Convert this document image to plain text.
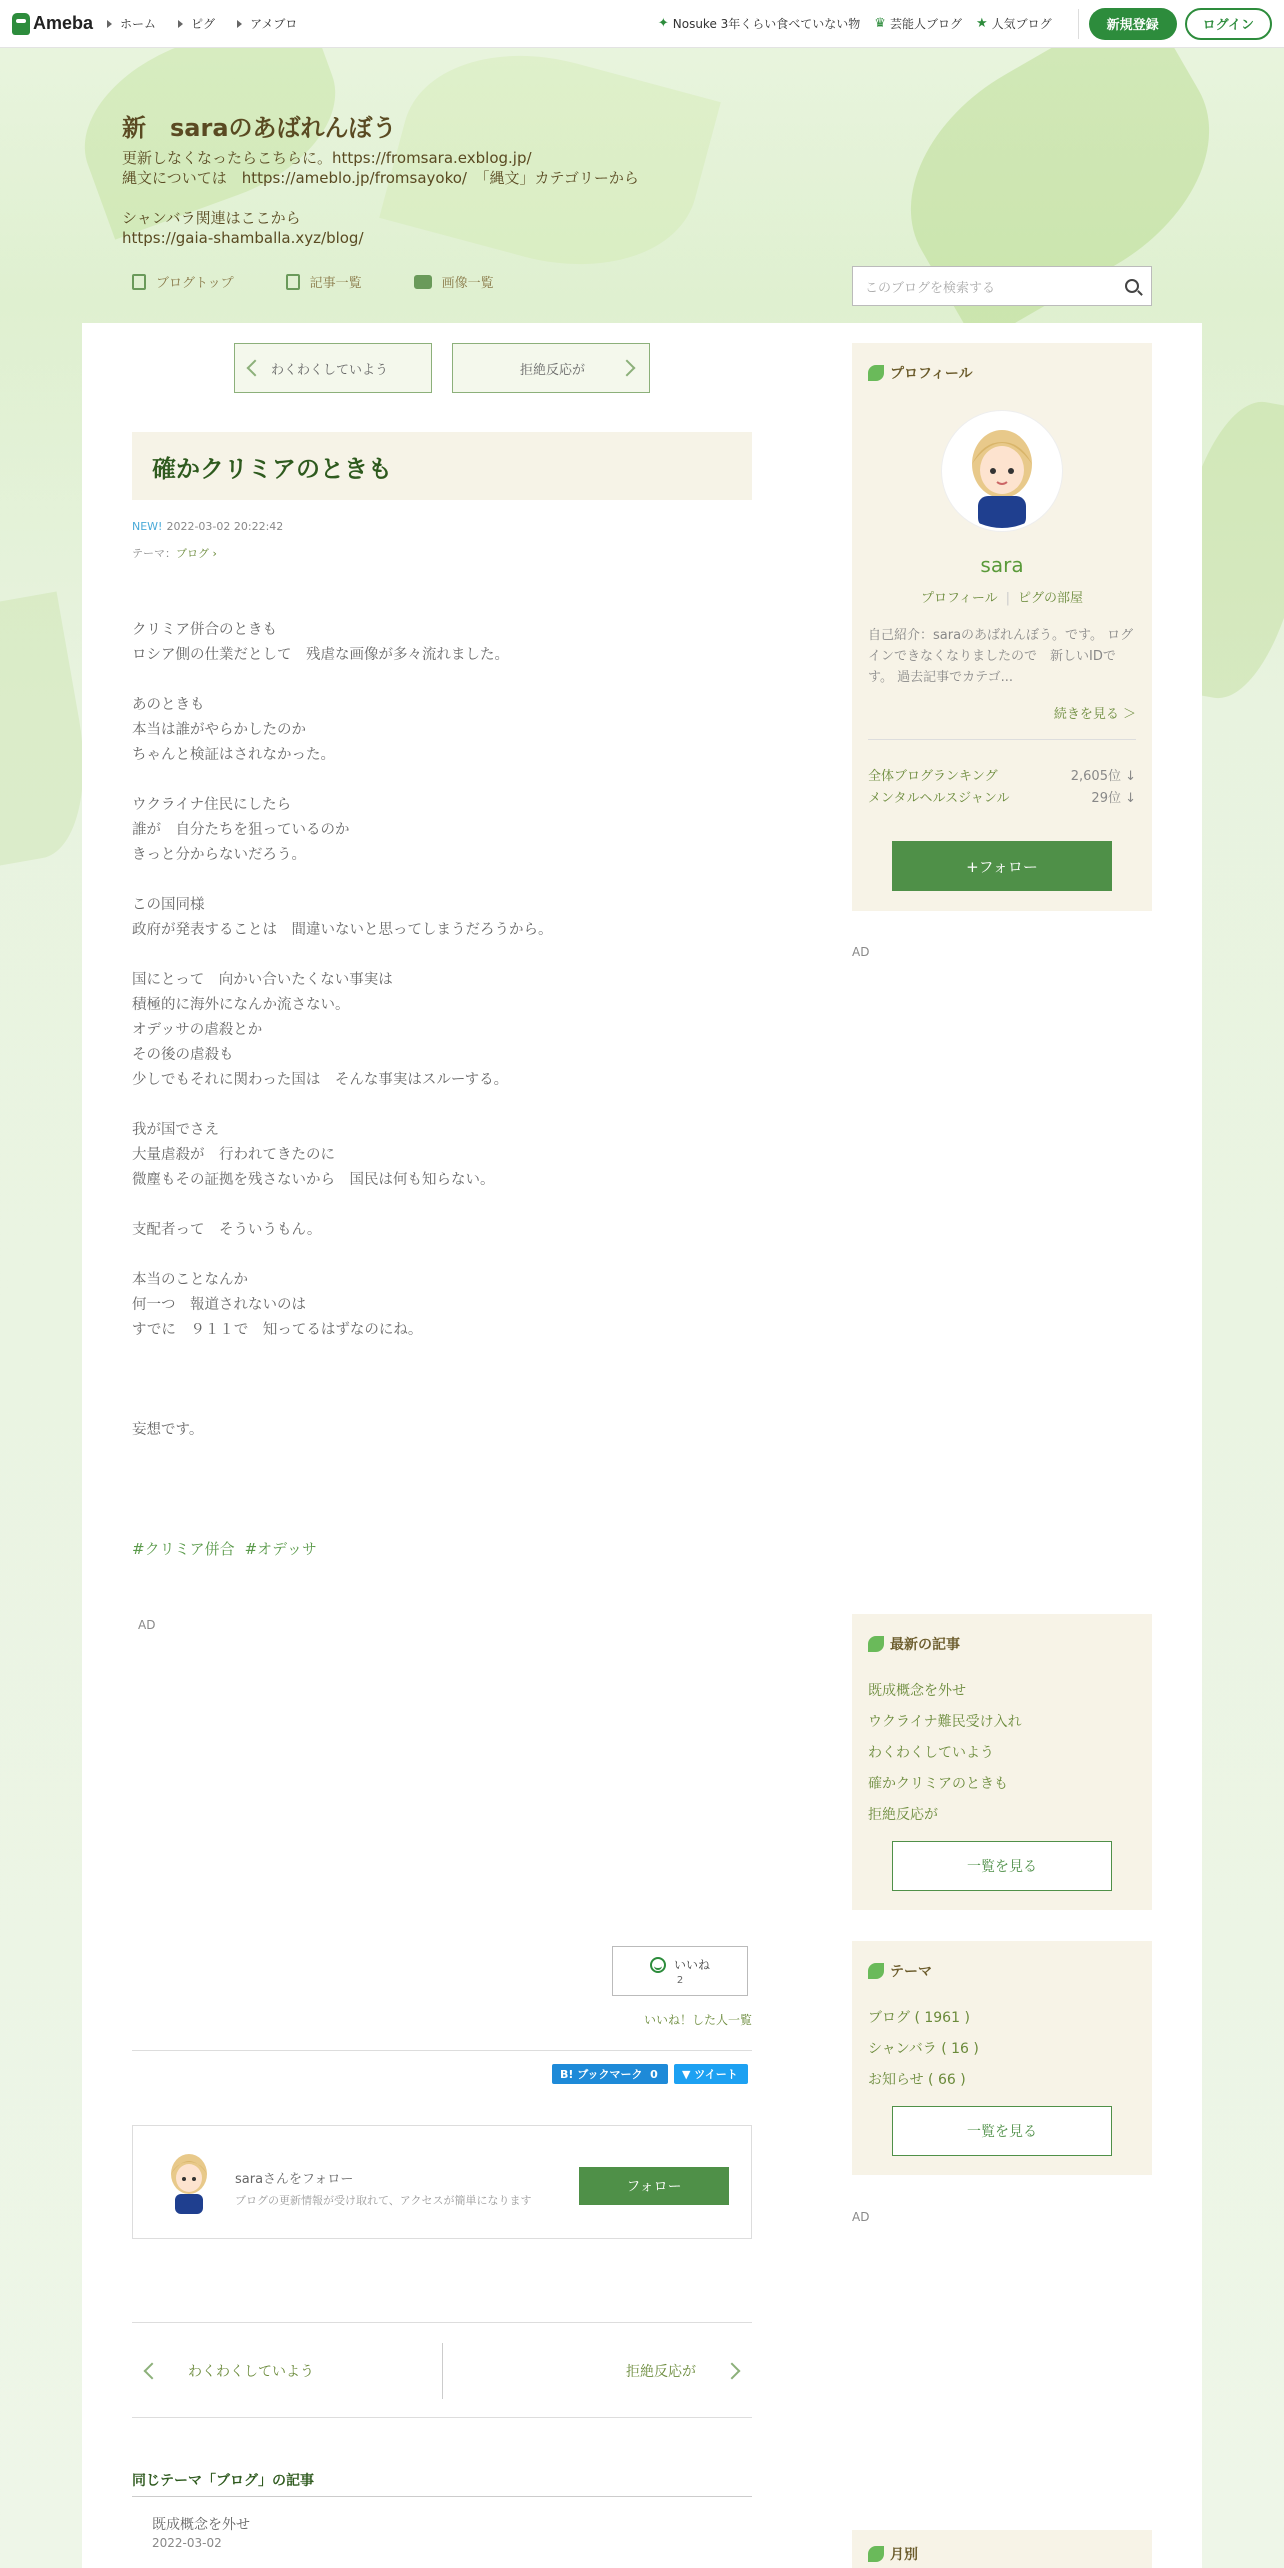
Ameba ホーム	ピグ	アメブロ	✦ Nosuke 3年くらい食べていない物 ♛ 芸能人ブログ ★ 人気ブログ	新規登録	ログイン
新　saraのあばれんぼう
更新しなくなったらこちらに。https://fromsara.exblog.jp/
縄文については　https://ameblo.jp/fromsayoko/　「縄文」カテゴリーから

シャンバラ関連はここから
https://gaia-shamballa.xyz/blog/
ブログトップ	記事一覧	画像一覧	このブログを検索する
わくわくしていよう	拒絶反応が
確かクリミアのときも
NEW! 2022-03-02 20:22:42
テーマ：ブログ ›

クリミア併合のときも

ロシア側の仕業だとして　残虐な画像が多々流れました。

あのときも

本当は誰がやらかしたのか

ちゃんと検証はされなかった。

ウクライナ住民にしたら

誰が　自分たちを狙っているのか

きっと分からないだろう。

この国同様

政府が発表することは　間違いないと思ってしまうだろうから。

国にとって　向かい合いたくない事実は

積極的に海外になんか流さない。

オデッサの虐殺とか

その後の虐殺も

少しでもそれに関わった国は　そんな事実はスルーする。

我が国でさえ

大量虐殺が　行われてきたのに

微塵もその証拠を残さないから　国民は何も知らない。

支配者って　そういうもん。

本当のことなんか

何一つ　報道されないのは

すでに　９１１で　知ってるはずなのにね。

妄想です。

#クリミア併合 #オデッサ
AD
いいね
2
いいね！した人一覧
B! ブックマーク
0 ▼ ツイート
saraさんをフォロー
ブログの更新情報が受け取れて、アクセスが簡単になります
フォロー
わくわくしていよう	拒絶反応が
同じテーマ「ブログ」の記事
既成概念を外せ
2022-03-02
プロフィール
sara
プロフィール | ピグの部屋
自己紹介：saraのあばれんぼう。です。 ログインできなくなりましたので　新しいIDです。 過去記事でカテゴ...
続きを見る ＞
全体ブログランキング	2,605位 ↓
メンタルヘルスジャンル	29位 ↓
+フォロー
AD
最新の記事
既成概念を外せ
ウクライナ難民受け入れ
わくわくしていよう
確かクリミアのときも
拒絶反応が
一覧を見る
テーマ
ブログ ( 1961 )
シャンバラ ( 16 )
お知らせ ( 66 )
一覧を見る
AD
月別
